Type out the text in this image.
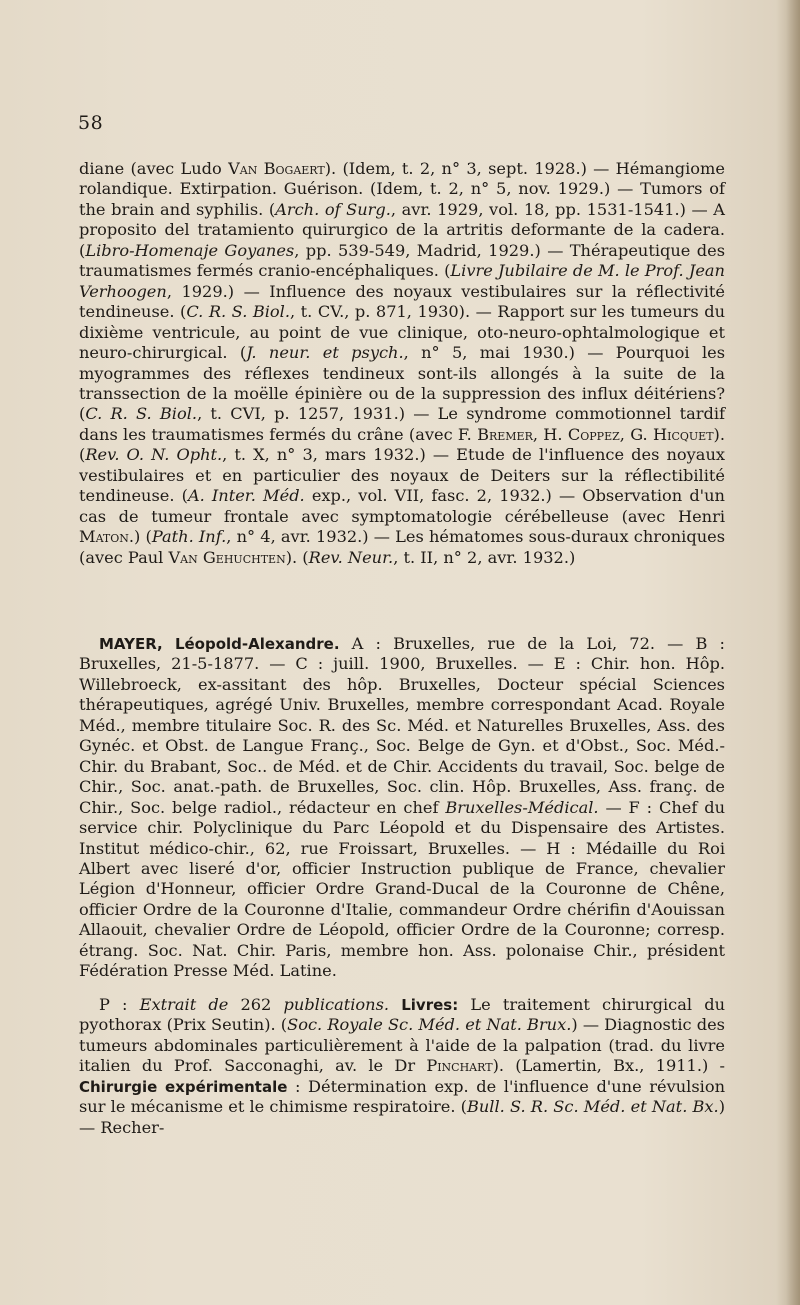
58

diane (avec Ludo Van Bogaert). (Idem, t. 2, n° 3, sept. 1928.) — Hémangiome rolandique. Extirpation. Guérison. (Idem, t. 2, n° 5, nov. 1929.) — Tumors of the brain and syphilis. (Arch. of Surg., avr. 1929, vol. 18, pp. 1531-1541.) — A proposito del tratamiento quirurgico de la artritis deformante de la cadera. (Libro-Homenaje Goyanes, pp. 539-549, Madrid, 1929.) — Thérapeutique des traumatismes fermés cranio-encéphaliques. (Livre Jubilaire de M. le Prof. Jean Verhoogen, 1929.) — Influence des noyaux vestibulaires sur la réflectivité tendineuse. (C. R. S. Biol., t. CV., p. 871, 1930). — Rapport sur les tumeurs du dixième ventricule, au point de vue clinique, oto-neuro-ophtalmologique et neuro-chirurgical. (J. neur. et psych., n° 5, mai 1930.) — Pourquoi les myogrammes des réflexes tendineux sont-ils allongés à la suite de la transsection de la moëlle épinière ou de la suppression des influx déitériens? (C. R. S. Biol., t. CVI, p. 1257, 1931.) — Le syndrome commotionnel tardif dans les traumatismes fermés du crâne (avec F. Bremer, H. Coppez, G. Hicquet). (Rev. O. N. Opht., t. X, n° 3, mars 1932.) — Etude de l'influence des noyaux vestibulaires et en particulier des noyaux de Deiters sur la réflectibilité tendineuse. (A. Inter. Méd. exp., vol. VII, fasc. 2, 1932.) — Observation d'un cas de tumeur frontale avec symptomatologie cérébelleuse (avec Henri Maton.) (Path. Inf., n° 4, avr. 1932.) — Les hématomes sous-duraux chroniques (avec Paul Van Gehuchten). (Rev. Neur., t. II, n° 2, avr. 1932.)

MAYER, Léopold-Alexandre. A : Bruxelles, rue de la Loi, 72. — B : Bruxelles, 21-5-1877. — C : juill. 1900, Bruxelles. — E : Chir. hon. Hôp. Willebroeck, ex-assitant des hôp. Bruxelles, Docteur spécial Sciences thérapeutiques, agrégé Univ. Bruxelles, membre correspondant Acad. Royale Méd., membre titulaire Soc. R. des Sc. Méd. et Naturelles Bruxelles, Ass. des Gynéc. et Obst. de Langue Franç., Soc. Belge de Gyn. et d'Obst., Soc. Méd.-Chir. du Brabant, Soc.. de Méd. et de Chir. Accidents du travail, Soc. belge de Chir., Soc. anat.-path. de Bruxelles, Soc. clin. Hôp. Bruxelles, Ass. franç. de Chir., Soc. belge radiol., rédacteur en chef Bruxelles-Médical. — F : Chef du service chir. Polyclinique du Parc Léopold et du Dispensaire des Artistes. Institut médico-chir., 62, rue Froissart, Bruxelles. — H : Médaille du Roi Albert avec liseré d'or, officier Instruction publique de France, chevalier Légion d'Honneur, officier Ordre Grand-Ducal de la Couronne de Chêne, officier Ordre de la Couronne d'Italie, commandeur Ordre chérifin d'Aouissan Allaouit, chevalier Ordre de Léopold, officier Ordre de la Couronne; corresp. étrang. Soc. Nat. Chir. Paris, membre hon. Ass. polonaise Chir., président Fédération Presse Méd. Latine.

P : Extrait de 262 publications. Livres: Le traitement chirurgical du pyothorax (Prix Seutin). (Soc. Royale Sc. Méd. et Nat. Brux.) — Diagnostic des tumeurs abdominales particulièrement à l'aide de la palpation (trad. du livre italien du Prof. Sacconaghi, av. le Dr Pinchart). (Lamertin, Bx., 1911.) - Chirurgie expérimentale : Détermination exp. de l'influence d'une révulsion sur le mécanisme et le chimisme respiratoire. (Bull. S. R. Sc. Méd. et Nat. Bx.) — Recher-
